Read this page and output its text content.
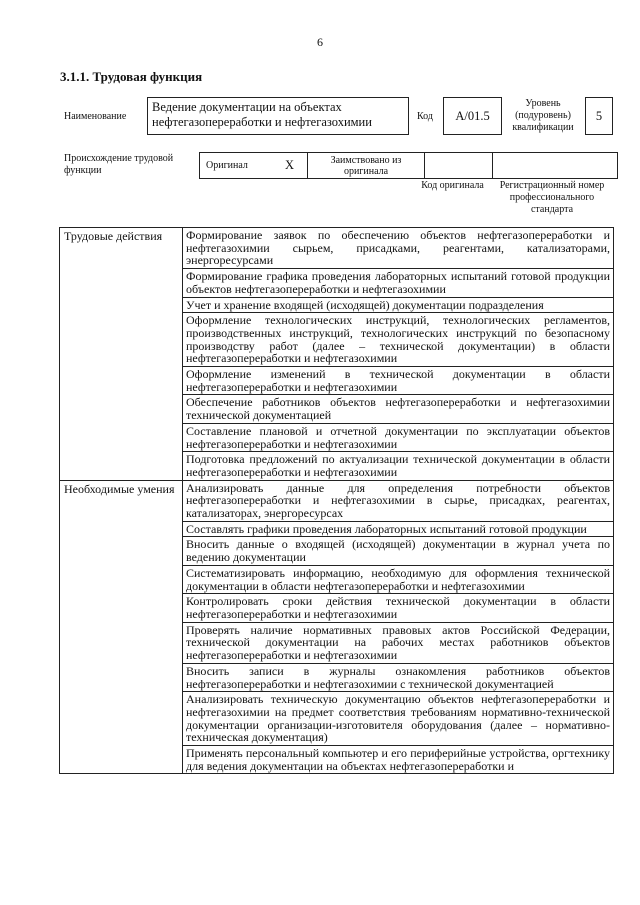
6
3.1.1. Трудовая функция
Наименование
Ведение документации на объектах нефтегазопереработки и нефтегазохимии	Код	А/01.5
Уровень (подуровень) квалификации
5
Происхождение трудовой функции	Оригинал	Х	Заимствовано из оригинала		
Код оригинала	Регистрационный номер профессионального стандарта
Трудовые действия	Формирование заявок по обеспечению объектов нефтегазопереработки и нефтегазохимии сырьем, присадками, реагентами, катализаторами, энергоресурсами
	Формирование графика проведения лабораторных испытаний готовой продукции объектов нефтегазопереработки и нефтегазохимии
	Учет и хранение входящей (исходящей) документации подразделения
	Оформление технологических инструкций, технологических регламентов, производственных инструкций, технологических инструкций по безопасному производству работ (далее – технической документации) в области нефтегазопереработки и нефтегазохимии
	Оформление изменений в технической документации в области нефтегазопереработки и нефтегазохимии
	Обеспечение работников объектов нефтегазопереработки и нефтегазохимии технической документацией
	Составление плановой и отчетной документации по эксплуатации объектов нефтегазопереработки и нефтегазохимии
	Подготовка предложений по актуализации технической документации в области нефтегазопереработки и нефтегазохимии
Необходимые умения	Анализировать данные для определения потребности объектов нефтегазопереработки и нефтегазохимии в сырье, присадках, реагентах, катализаторах, энергоресурсах
	Составлять графики проведения лабораторных испытаний готовой продукции
	Вносить данные о входящей (исходящей) документации в журнал учета по ведению документации
	Систематизировать информацию, необходимую для оформления технической документации в области нефтегазопереработки и нефтегазохимии
	Контролировать сроки действия технической документации в области нефтегазопереработки и нефтегазохимии
	Проверять наличие нормативных правовых актов Российской Федерации, технической документации на рабочих местах работников объектов нефтегазопереработки и нефтегазохимии
	Вносить записи в журналы ознакомления работников объектов нефтегазопереработки и нефтегазохимии с технической документацией
	Анализировать техническую документацию объектов нефтегазопереработки и нефтегазохимии на предмет соответствия требованиям нормативно-технической документации организации-изготовителя оборудования (далее – нормативно-техническая документация)
	Применять персональный компьютер и его периферийные устройства, оргтехнику для ведения документации на объектах нефтегазопереработки и
